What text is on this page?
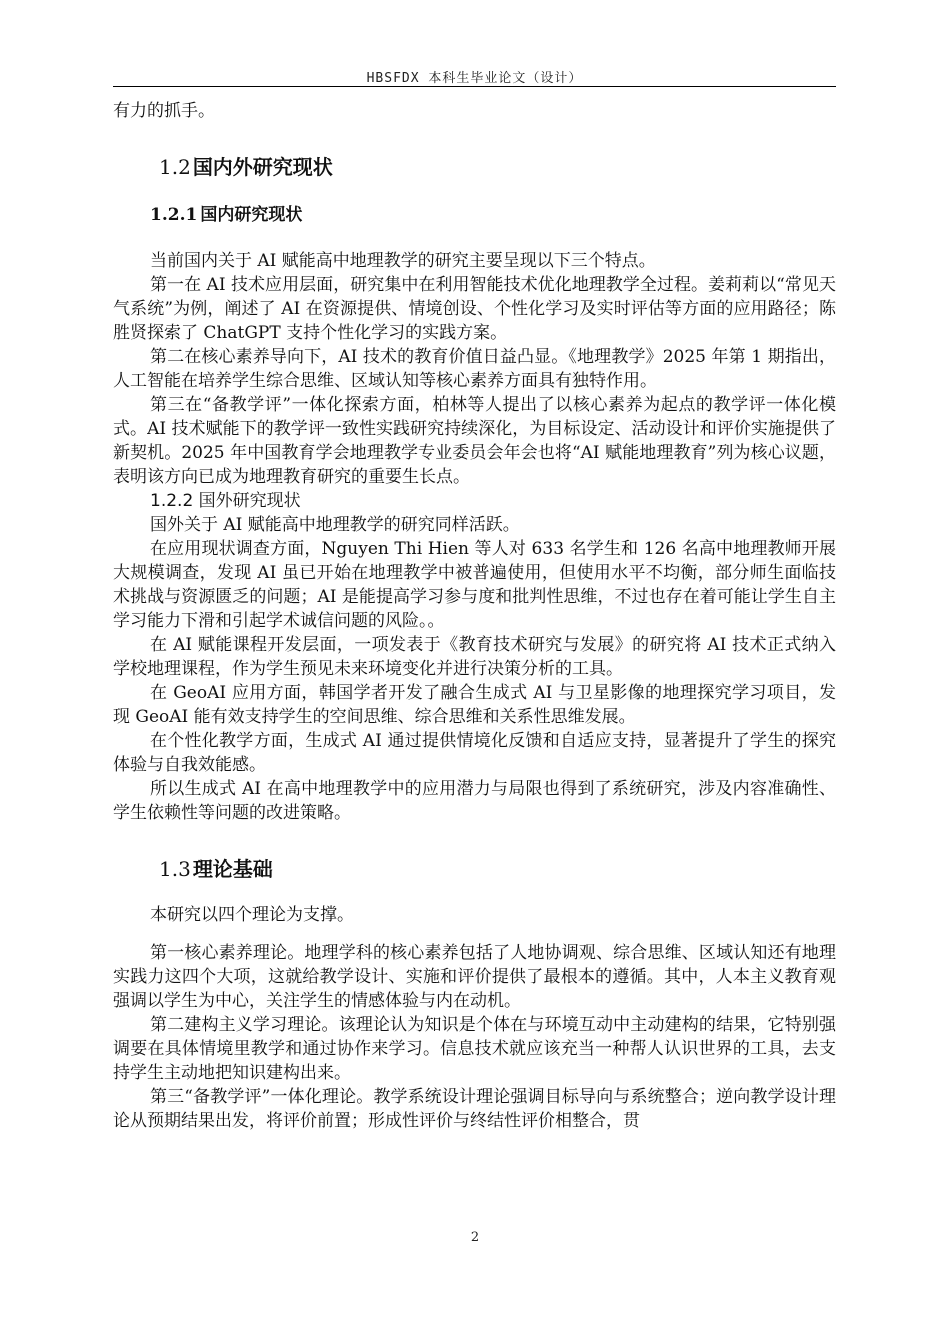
HBSFDX 本科生毕业论文（设计）

有力的抓手。

1.2 国内外研究现状
1.2.1 国内研究现状

当前国内关于 AI 赋能高中地理教学的研究主要呈现以下三个特点。

第一在 AI 技术应用层面，研究集中在利用智能技术优化地理教学全过程。姜莉莉以“常见天气系统”为例，阐述了 AI 在资源提供、情境创设、个性化学习及实时评估等方面的应用路径；陈胜贤探索了 ChatGPT 支持个性化学习的实践方案。

第二在核心素养导向下，AI 技术的教育价值日益凸显。《地理教学》2025 年第 1 期指出，人工智能在培养学生综合思维、区域认知等核心素养方面具有独特作用。

第三在“备教学评”一体化探索方面，柏林等人提出了以核心素养为起点的教学评一体化模式。AI 技术赋能下的教学评一致性实践研究持续深化，为目标设定、活动设计和评价实施提供了新契机。2025 年中国教育学会地理教学专业委员会年会也将“AI 赋能地理教育”列为核心议题，表明该方向已成为地理教育研究的重要生长点。

1.2.2 国外研究现状

国外关于 AI 赋能高中地理教学的研究同样活跃。

在应用现状调查方面，Nguyen Thi Hien 等人对 633 名学生和 126 名高中地理教师开展大规模调查，发现 AI 虽已开始在地理教学中被普遍使用，但使用水平不均衡，部分师生面临技术挑战与资源匮乏的问题；AI 是能提高学习参与度和批判性思维，不过也存在着可能让学生自主学习能力下滑和引起学术诚信问题的风险。。

在 AI 赋能课程开发层面，一项发表于《教育技术研究与发展》的研究将 AI 技术正式纳入学校地理课程，作为学生预见未来环境变化并进行决策分析的工具。

在 GeoAI 应用方面，韩国学者开发了融合生成式 AI 与卫星影像的地理探究学习项目，发现 GeoAI 能有效支持学生的空间思维、综合思维和关系性思维发展。

在个性化教学方面，生成式 AI 通过提供情境化反馈和自适应支持，显著提升了学生的探究体验与自我效能感。

所以生成式 AI 在高中地理教学中的应用潜力与局限也得到了系统研究，涉及内容准确性、学生依赖性等问题的改进策略。

1.3 理论基础

本研究以四个理论为支撑。

第一核心素养理论。地理学科的核心素养包括了人地协调观、综合思维、区域认知还有地理实践力这四个大项，这就给教学设计、实施和评价提供了最根本的遵循。其中，人本主义教育观强调以学生为中心，关注学生的情感体验与内在动机。

第二建构主义学习理论。该理论认为知识是个体在与环境互动中主动建构的结果，它特别强调要在具体情境里教学和通过协作来学习。信息技术就应该充当一种帮人认识世界的工具，去支持学生主动地把知识建构出来。

第三“备教学评”一体化理论。教学系统设计理论强调目标导向与系统整合；逆向教学设计理论从预期结果出发，将评价前置；形成性评价与终结性评价相整合，贯

2
